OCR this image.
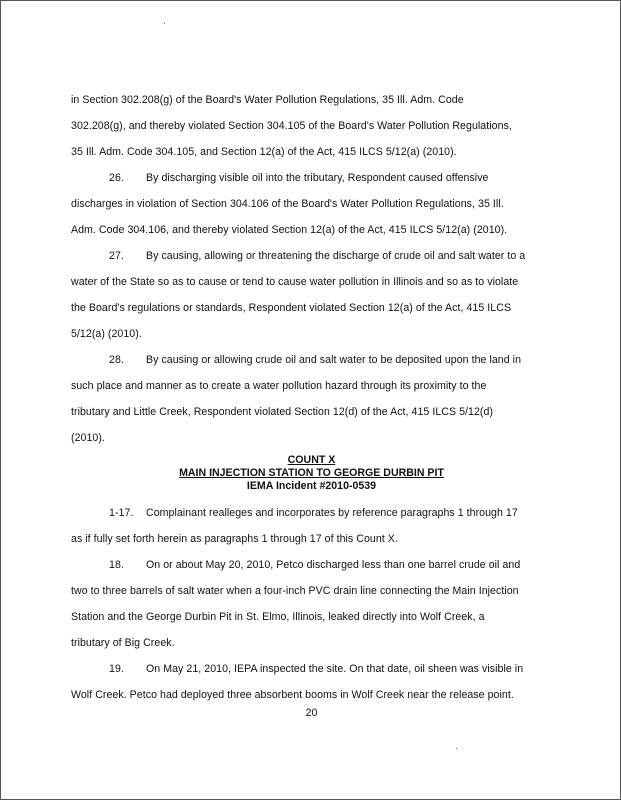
in Section 302.208(g) of the Board's Water Pollution Regulations, 35 Ill. Adm. Code
302.208(g), and thereby violated Section 304.105 of the Board's Water Pollution Regulations,
35 Ill. Adm. Code 304.105, and Section 12(a) of the Act, 415 ILCS 5/12(a) (2010).
26. By discharging visible oil into the tributary, Respondent caused offensive
discharges in violation of Section 304.106 of the Board's Water Pollution Regulations, 35 Ill.
Adm. Code 304.106, and thereby violated Section 12(a) of the Act, 415 ILCS 5/12(a) (2010).
27. By causing, allowing or threatening the discharge of crude oil and salt water to a
water of the State so as to cause or tend to cause water pollution in Illinois and so as to violate
the Board's regulations or standards, Respondent violated Section 12(a) of the Act, 415 ILCS
5/12(a) (2010).
28. By causing or allowing crude oil and salt water to be deposited upon the land in
such place and manner as to create a water pollution hazard through its proximity to the
tributary and Little Creek, Respondent violated Section 12(d) of the Act, 415 ILCS 5/12(d)
(2010).
COUNT X
MAIN INJECTION STATION TO GEORGE DURBIN PIT
IEMA Incident #2010-0539
1-17. Complainant realleges and incorporates by reference paragraphs 1 through 17
as if fully set forth herein as paragraphs 1 through 17 of this Count X.
18. On or about May 20, 2010, Petco discharged less than one barrel crude oil and
two to three barrels of salt water when a four-inch PVC drain line connecting the Main Injection
Station and the George Durbin Pit in St. Elmo, Illinois, leaked directly into Wolf Creek, a
tributary of Big Creek.
19. On May 21, 2010, IEPA inspected the site. On that date, oil sheen was visible in
Wolf Creek. Petco had deployed three absorbent booms in Wolf Creek near the release point.
20
